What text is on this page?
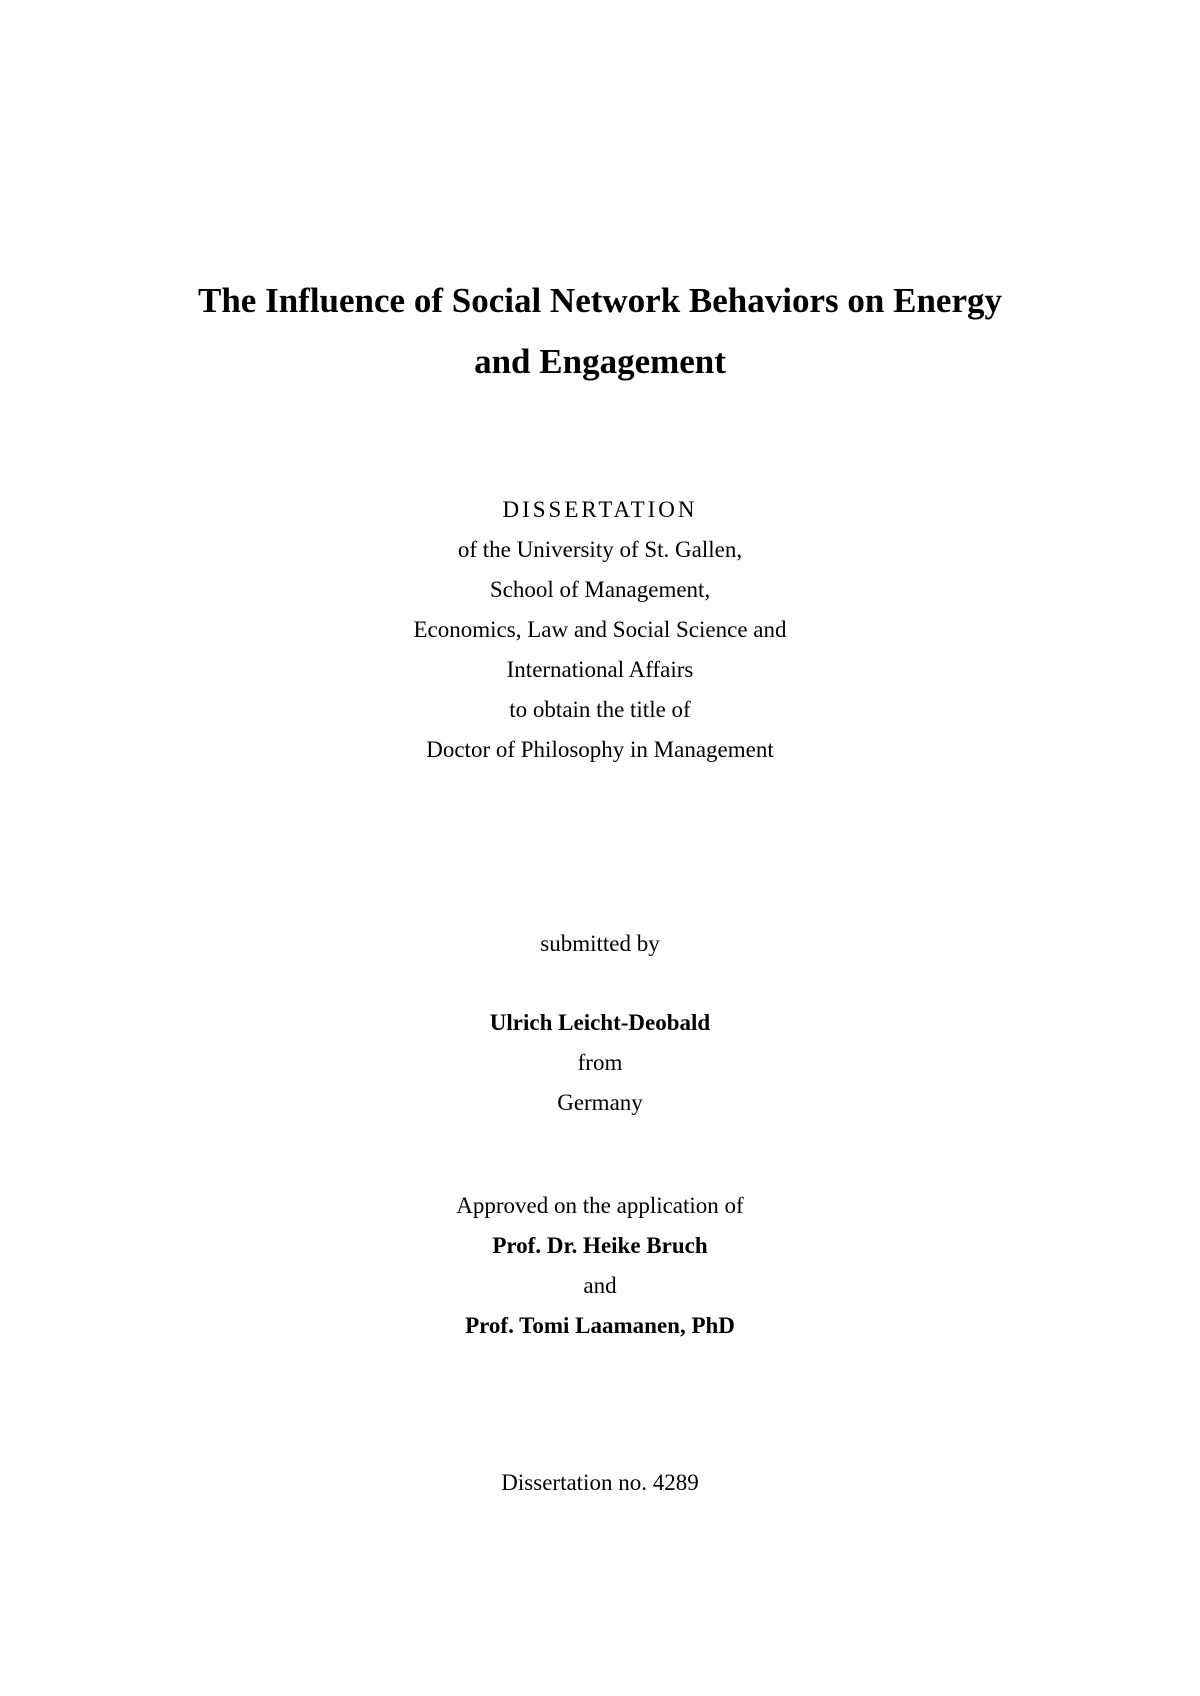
The Influence of Social Network Behaviors on Energy
and Engagement
DISSERTATION
of the University of St. Gallen,
School of Management,
Economics, Law and Social Science and
International Affairs
to obtain the title of
Doctor of Philosophy in Management
submitted by
Ulrich Leicht-Deobald
from
Germany
Approved on the application of
Prof. Dr. Heike Bruch
and
Prof. Tomi Laamanen, PhD
Dissertation no. 4289
